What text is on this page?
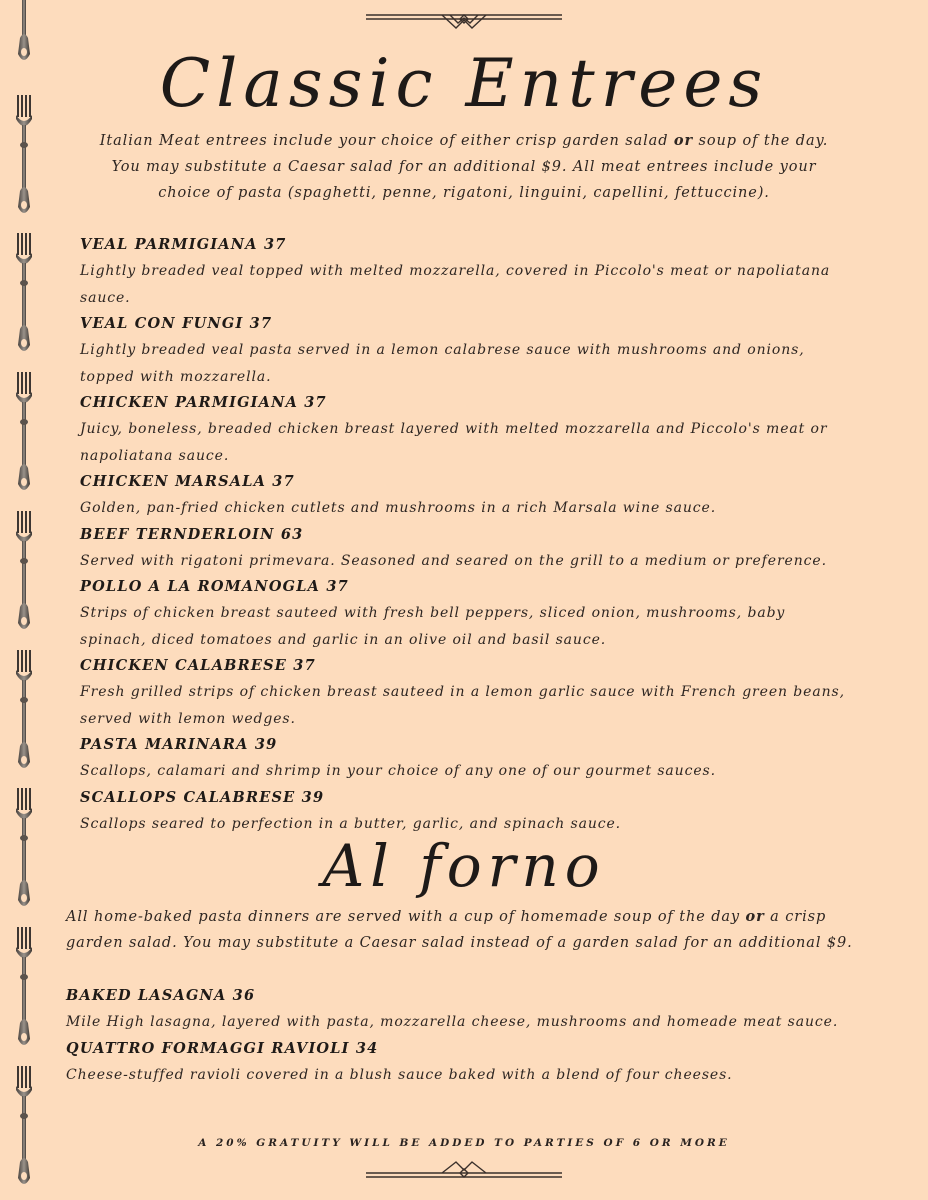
Classic Entrees
Italian Meat entrees include your choice of either crisp garden salad or soup of the day. You may substitute a Caesar salad for an additional $9. All meat entrees include your choice of pasta (spaghetti, penne, rigatoni, linguini, capellini, fettuccine).
VEAL PARMIGIANA 37
Lightly breaded veal topped with melted mozzarella, covered in Piccolo's meat or napoliatana sauce.
VEAL CON FUNGI 37
Lightly breaded veal pasta served in a lemon calabrese sauce with mushrooms and onions, topped with mozzarella.
CHICKEN PARMIGIANA 37
Juicy, boneless, breaded chicken breast layered with melted mozzarella and Piccolo's meat or napoliatana sauce.
CHICKEN MARSALA 37
Golden, pan-fried chicken cutlets and mushrooms in a rich Marsala wine sauce.
BEEF TERNDERLOIN 63
Served with rigatoni primevara. Seasoned and seared on the grill to a medium or preference.
POLLO A LA ROMANOGLA 37
Strips of chicken breast sauteed with fresh bell peppers, sliced onion, mushrooms, baby spinach, diced tomatoes and garlic in an olive oil and basil sauce.
CHICKEN CALABRESE 37
Fresh grilled strips of chicken breast sauteed in a lemon garlic sauce with French green beans, served with lemon wedges.
PASTA MARINARA 39
Scallops, calamari and shrimp in your choice of any one of our gourmet sauces.
SCALLOPS CALABRESE 39
Scallops seared to perfection in a butter, garlic, and spinach sauce.
Al forno
All home-baked pasta dinners are served with a cup of homemade soup of the day or a crisp garden salad. You may substitute a Caesar salad instead of a garden salad for an additional $9.
BAKED LASAGNA 36
Mile High lasagna, layered with pasta, mozzarella cheese, mushrooms and homeade meat sauce.
QUATTRO FORMAGGI RAVIOLI 34
Cheese-stuffed ravioli covered in a blush sauce baked with a blend of four cheeses.
A 20% GRATUITY WILL BE ADDED TO PARTIES OF 6 OR MORE
